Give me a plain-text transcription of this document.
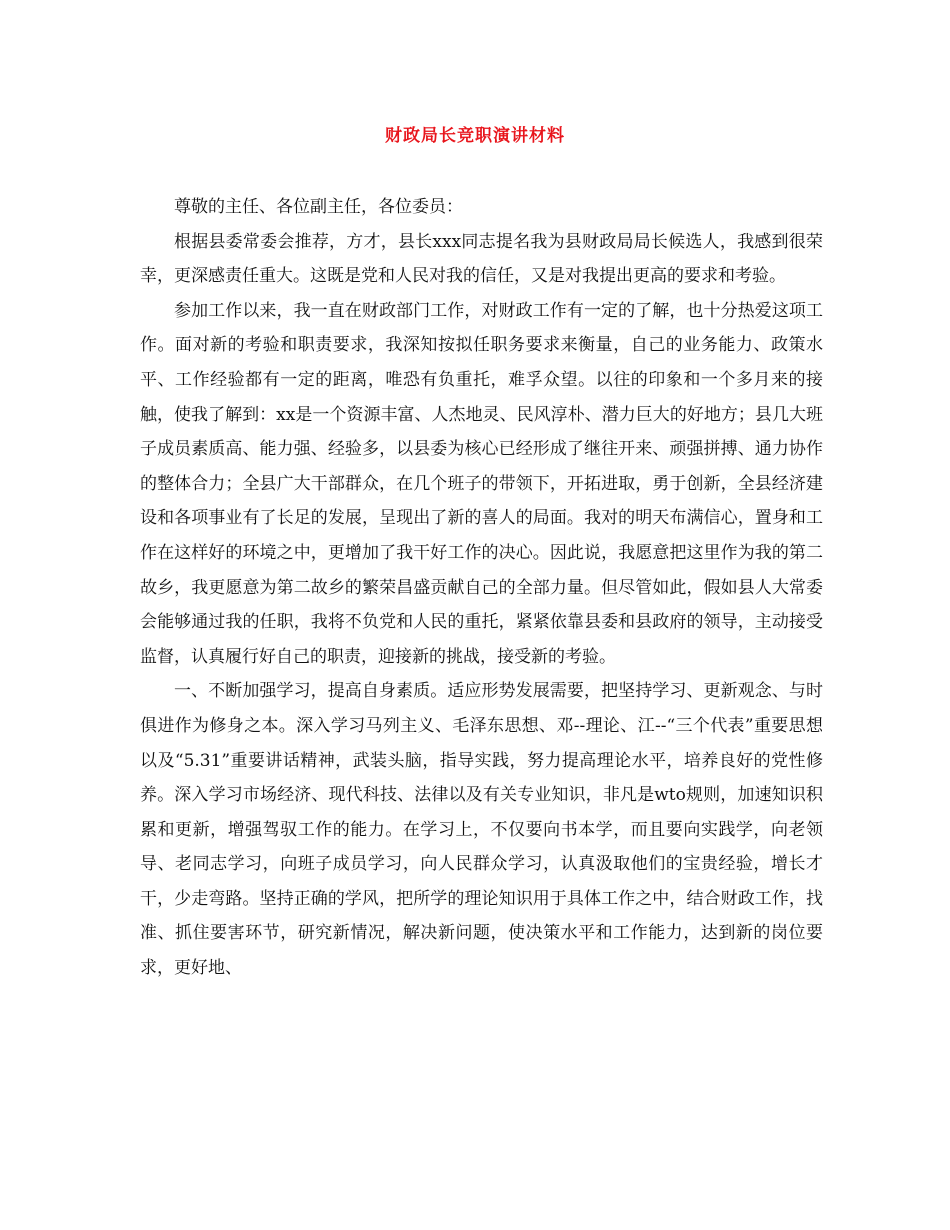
财政局长竞职演讲材料

尊敬的主任、各位副主任，各位委员：

根据县委常委会推荐，方才，县长xxx同志提名我为县财政局局长候选人，我感到很荣幸，更深感责任重大。这既是党和人民对我的信任，又是对我提出更高的要求和考验。

参加工作以来，我一直在财政部门工作，对财政工作有一定的了解，也十分热爱这项工作。面对新的考验和职责要求，我深知按拟任职务要求来衡量，自己的业务能力、政策水平、工作经验都有一定的距离，唯恐有负重托，难孚众望。以往的印象和一个多月来的接触，使我了解到：xx是一个资源丰富、人杰地灵、民风淳朴、潜力巨大的好地方；县几大班子成员素质高、能力强、经验多，以县委为核心已经形成了继往开来、顽强拼搏、通力协作的整体合力；全县广大干部群众，在几个班子的带领下，开拓进取，勇于创新，全县经济建设和各项事业有了长足的发展，呈现出了新的喜人的局面。我对的明天布满信心，置身和工作在这样好的环境之中，更增加了我干好工作的决心。因此说，我愿意把这里作为我的第二故乡，我更愿意为第二故乡的繁荣昌盛贡献自己的全部力量。但尽管如此，假如县人大常委会能够通过我的任职，我将不负党和人民的重托，紧紧依靠县委和县政府的领导，主动接受监督，认真履行好自己的职责，迎接新的挑战，接受新的考验。

一、不断加强学习，提高自身素质。适应形势发展需要，把坚持学习、更新观念、与时俱进作为修身之本。深入学习马列主义、毛泽东思想、邓--理论、江--“三个代表”重要思想以及“5.31”重要讲话精神，武装头脑，指导实践，努力提高理论水平，培养良好的党性修养。深入学习市场经济、现代科技、法律以及有关专业知识，非凡是wto规则，加速知识积累和更新，增强驾驭工作的能力。在学习上，不仅要向书本学，而且要向实践学，向老领导、老同志学习，向班子成员学习，向人民群众学习，认真汲取他们的宝贵经验，增长才干，少走弯路。坚持正确的学风，把所学的理论知识用于具体工作之中，结合财政工作，找准、抓住要害环节，研究新情况，解决新问题，使决策水平和工作能力，达到新的岗位要求，更好地、
